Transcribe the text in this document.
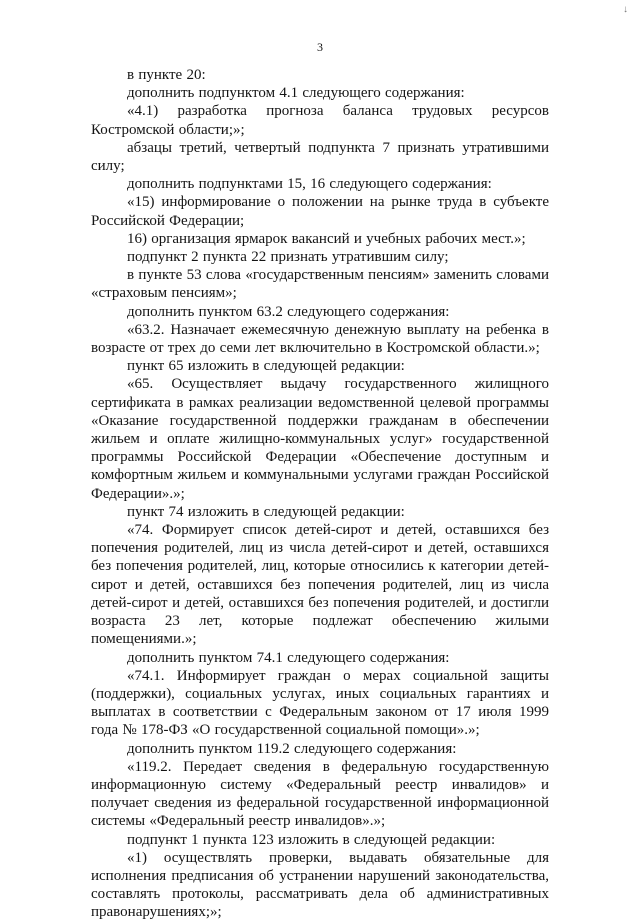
↓
3

в пункте 20:

дополнить подпунктом 4.1 следующего содержания:

«4.1) разработка прогноза баланса трудовых ресурсов Костромской области;»;

абзацы третий, четвертый подпункта 7 признать утратившими силу;

дополнить подпунктами 15, 16 следующего содержания:

«15) информирование о положении на рынке труда в субъекте Российской Федерации;

16) организация ярмарок вакансий и учебных рабочих мест.»;

подпункт 2 пункта 22 признать утратившим силу;

в пункте 53 слова «государственным пенсиям» заменить словами «страховым пенсиям»;

дополнить пунктом 63.2 следующего содержания:

«63.2. Назначает ежемесячную денежную выплату на ребенка в возрасте от трех до семи лет включительно в Костромской области.»;

пункт 65 изложить в следующей редакции:

«65. Осуществляет выдачу государственного жилищного сертификата в рамках реализации ведомственной целевой программы «Оказание государственной поддержки гражданам в обеспечении жильем и оплате жилищно-коммунальных услуг» государственной программы Российской Федерации «Обеспечение доступным и комфортным жильем и коммунальными услугами граждан Российской Федерации».»;

пункт 74 изложить в следующей редакции:

«74. Формирует список детей-сирот и детей, оставшихся без попечения родителей, лиц из числа детей-сирот и детей, оставшихся без попечения родителей, лиц, которые относились к категории детей-сирот и детей, оставшихся без попечения родителей, лиц из числа детей-сирот и детей, оставшихся без попечения родителей, и достигли возраста 23 лет, которые подлежат обеспечению жилыми помещениями.»;

дополнить пунктом 74.1 следующего содержания:

«74.1. Информирует граждан о мерах социальной защиты (поддержки), социальных услугах, иных социальных гарантиях и выплатах в соответствии с Федеральным законом от 17 июля 1999 года № 178-ФЗ «О государственной социальной помощи».»;

дополнить пунктом 119.2 следующего содержания:

«119.2. Передает сведения в федеральную государственную информационную систему «Федеральный реестр инвалидов» и получает сведения из федеральной государственной информационной системы «Федеральный реестр инвалидов».»;

подпункт 1 пункта 123 изложить в следующей редакции:

«1) осуществлять проверки, выдавать обязательные для исполнения предписания об устранении нарушений законодательства, составлять протоколы, рассматривать дела об административных правонарушениях;»;
